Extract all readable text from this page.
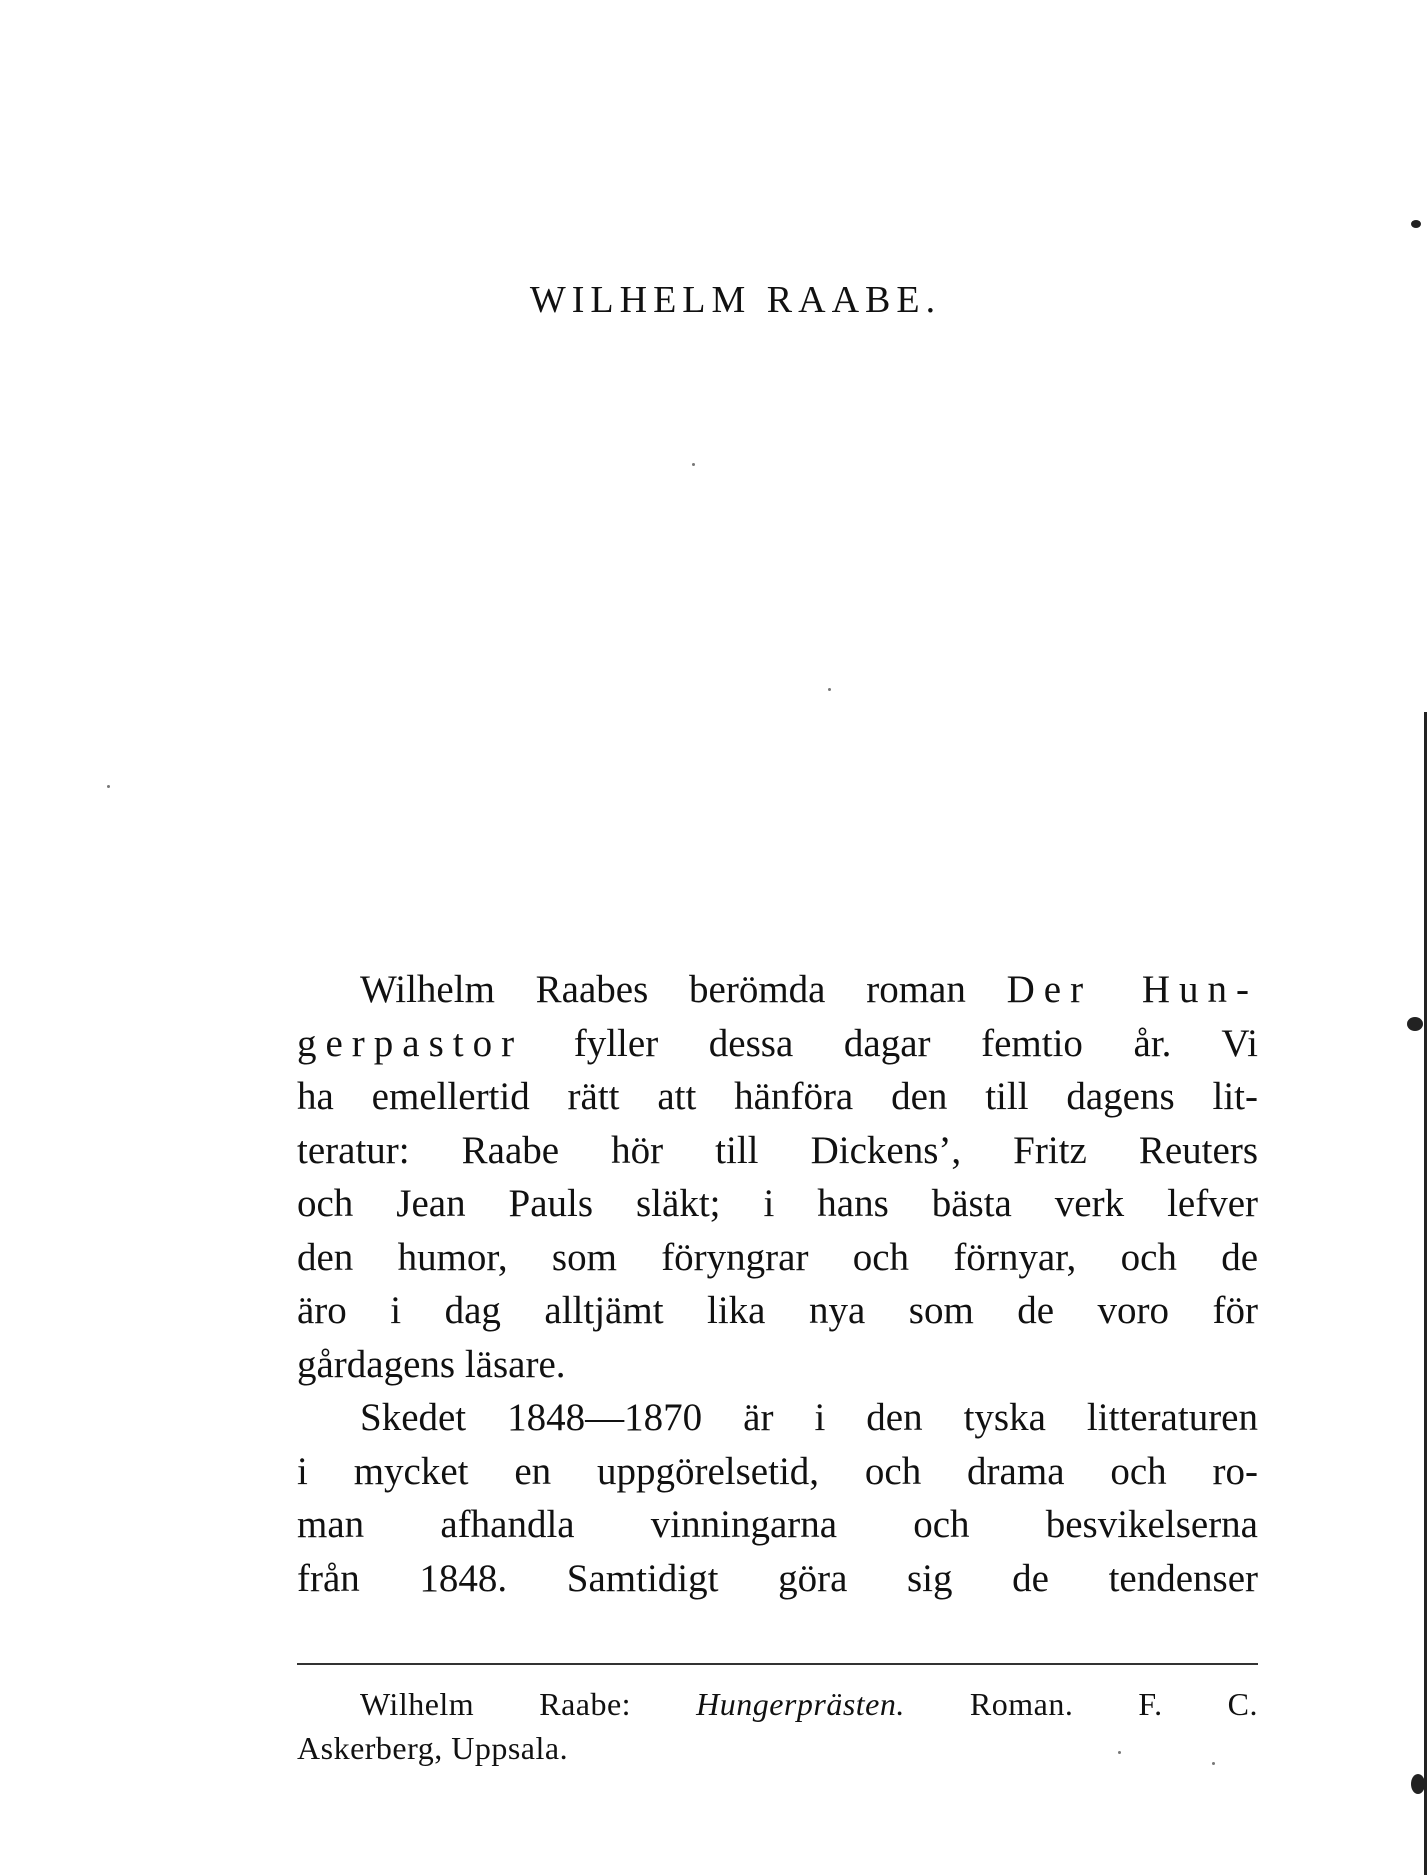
WILHELM RAABE.
Wilhelm Raabes berömda roman Der Hun-
gerpastor fyller dessa dagar femtio år. Vi
ha emellertid rätt att hänföra den till dagens lit-
teratur: Raabe hör till Dickens’, Fritz Reuters
och Jean Pauls släkt; i hans bästa verk lefver
den humor, som föryngrar och förnyar, och de
äro i dag alltjämt lika nya som de voro för
gårdagens läsare.
Skedet 1848—1870 är i den tyska litteraturen
i mycket en uppgörelsetid, och drama och ro-
man afhandla vinningarna och besvikelserna
från 1848. Samtidigt göra sig de tendenser
Wilhelm Raabe: Hungerprästen. Roman. F. C.
Askerberg, Uppsala.
